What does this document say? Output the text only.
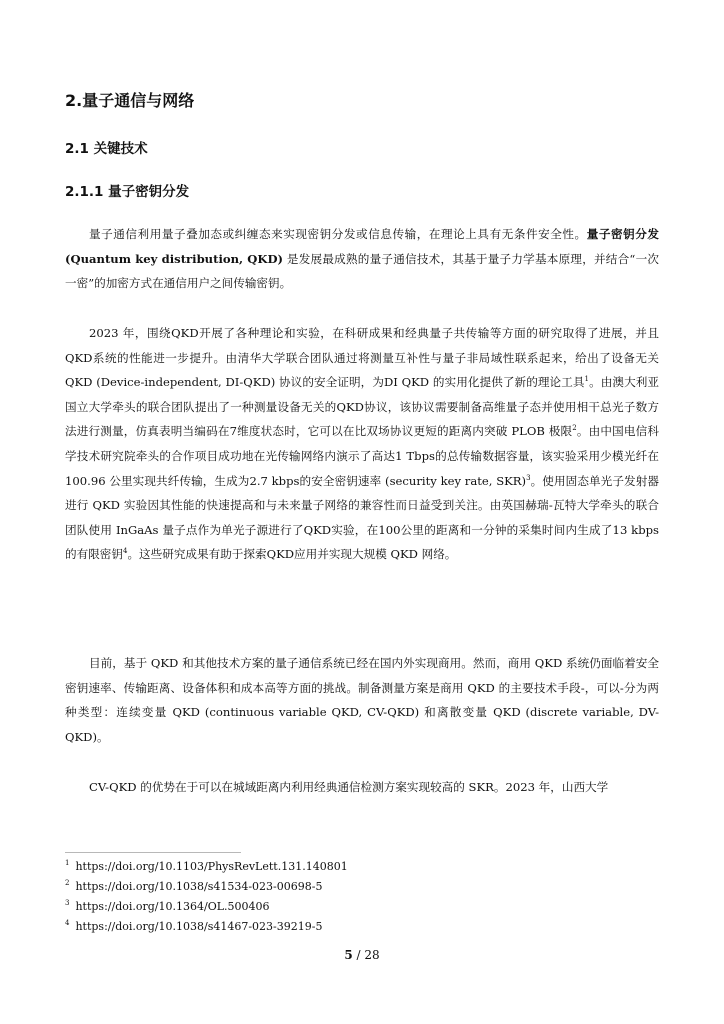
2.量子通信与网络
2.1 关键技术
2.1.1 量子密钥分发

量子通信利用量子叠加态或纠缠态来实现密钥分发或信息传输，在理论上具有无条件安全性。量子密钥分发 (Quantum key distribution, QKD) 是发展最成熟的量子通信技术，其基于量子力学基本原理，并结合“一次一密”的加密方式在通信用户之间传输密钥。

2023 年，围绕QKD开展了各种理论和实验，在科研成果和经典量子共传输等方面的研究取得了进展，并且QKD系统的性能进一步提升。由清华大学联合团队通过将测量互补性与量子非局域性联系起来，给出了设备无关 QKD (Device-independent, DI-QKD) 协议的安全证明，为DI QKD 的实用化提供了新的理论工具$^1$。由澳大利亚国立大学牵头的联合团队提出了一种测量设备无关的QKD协议，该协议需要制备高维量子态并使用相干总光子数方法进行测量，仿真表明当编码在7维度状态时，它可以在比双场协议更短的距离内突破 PLOB 极限$^2$。由中国电信科学技术研究院牵头的合作项目成功地在光传输网络内演示了高达1 Tbps的总传输数据容量，该实验采用少模光纤在 100.96 公里实现共纤传输，生成为2.7 kbps的安全密钥速率 (security key rate, SKR)$^3$。使用固态单光子发射器进行 QKD 实验因其性能的快速提高和与未来量子网络的兼容性而日益受到关注。由英国赫瑞-瓦特大学牵头的联合团队使用 InGaAs 量子点作为单光子源进行了QKD实验，在100公里的距离和一分钟的采集时间内生成了13 kbps的有限密钥$^4$。这些研究成果有助于探索QKD应用并实现大规模 QKD 网络。

目前，基于 QKD 和其他技术方案的量子通信系统已经在国内外实现商用。然而，商用 QKD 系统仍面临着安全密钥速率、传输距离、设备体积和成本高等方面的挑战。制备测量方案是商用 QKD 的主要技术手段-，可以-分为两种类型：连续变量 QKD (continuous variable QKD, CV-QKD) 和离散变量 QKD (discrete variable, DV-QKD)。

CV-QKD 的优势在于可以在城域距离内利用经典通信检测方案实现较高的 SKR。2023 年，山西大学

$^1$ https://doi.org/10.1103/PhysRevLett.131.140801
$^2$ https://doi.org/10.1038/s41534-023-00698-5
$^3$ https://doi.org/10.1364/OL.500406
$^4$ https://doi.org/10.1038/s41467-023-39219-5
5 / 28
